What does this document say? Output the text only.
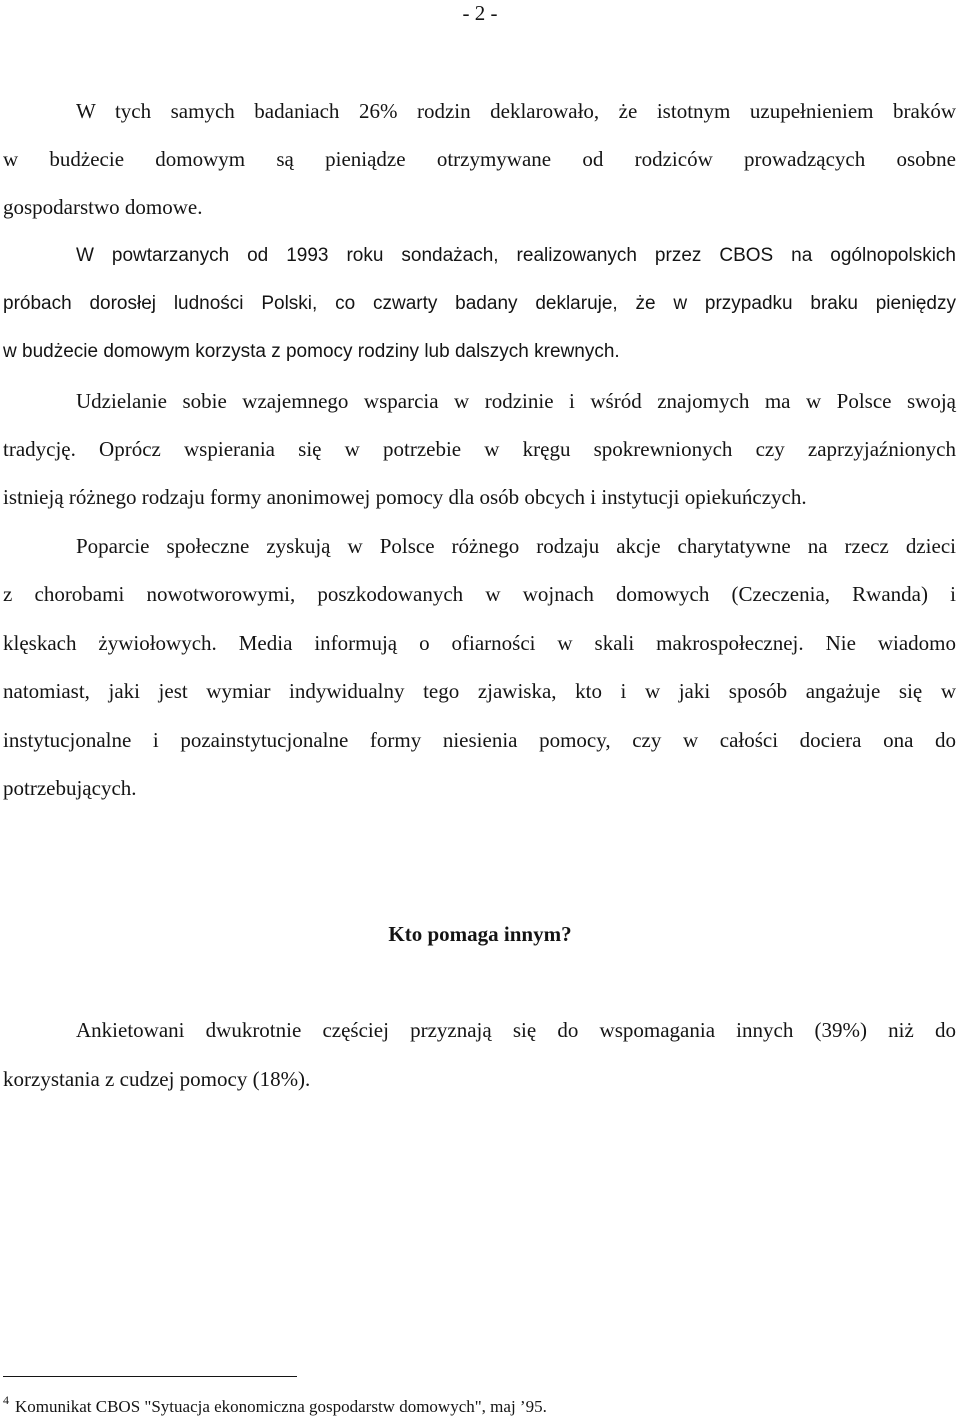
- 2 -
W tych samych badaniach 26% rodzin deklarowało, że istotnym uzupełnieniem braków
w budżecie domowym są pieniądze otrzymywane od rodziców prowadzących osobne
gospodarstwo domowe.
W powtarzanych od 1993 roku sondażach, realizowanych przez CBOS na ogólnopolskich
próbach dorosłej ludności Polski, co czwarty badany deklaruje, że w przypadku braku pieniędzy
w budżecie domowym korzysta z pomocy rodziny lub dalszych krewnych.
Udzielanie sobie wzajemnego wsparcia w rodzinie i wśród znajomych ma w Polsce swoją
tradycję. Oprócz wspierania się w potrzebie w kręgu spokrewnionych czy zaprzyjaźnionych
istnieją różnego rodzaju formy anonimowej pomocy dla osób obcych i instytucji opiekuńczych.
Poparcie społeczne zyskują w Polsce różnego rodzaju akcje charytatywne na rzecz dzieci
z chorobami nowotworowymi, poszkodowanych w wojnach domowych (Czeczenia, Rwanda) i
klęskach żywiołowych. Media informują o ofiarności w skali makrospołecznej. Nie wiadomo
natomiast, jaki jest wymiar indywidualny tego zjawiska, kto i w jaki sposób angażuje się w
instytucjonalne i pozainstytucjonalne formy niesienia pomocy, czy w całości dociera ona do
potrzebujących.
Kto pomaga innym?
Ankietowani dwukrotnie częściej przyznają się do wspomagania innych (39%) niż do
korzystania z cudzej pomocy (18%).
$^4$ Komunikat CBOS "Sytuacja ekonomiczna gospodarstw domowych", maj ’95.
